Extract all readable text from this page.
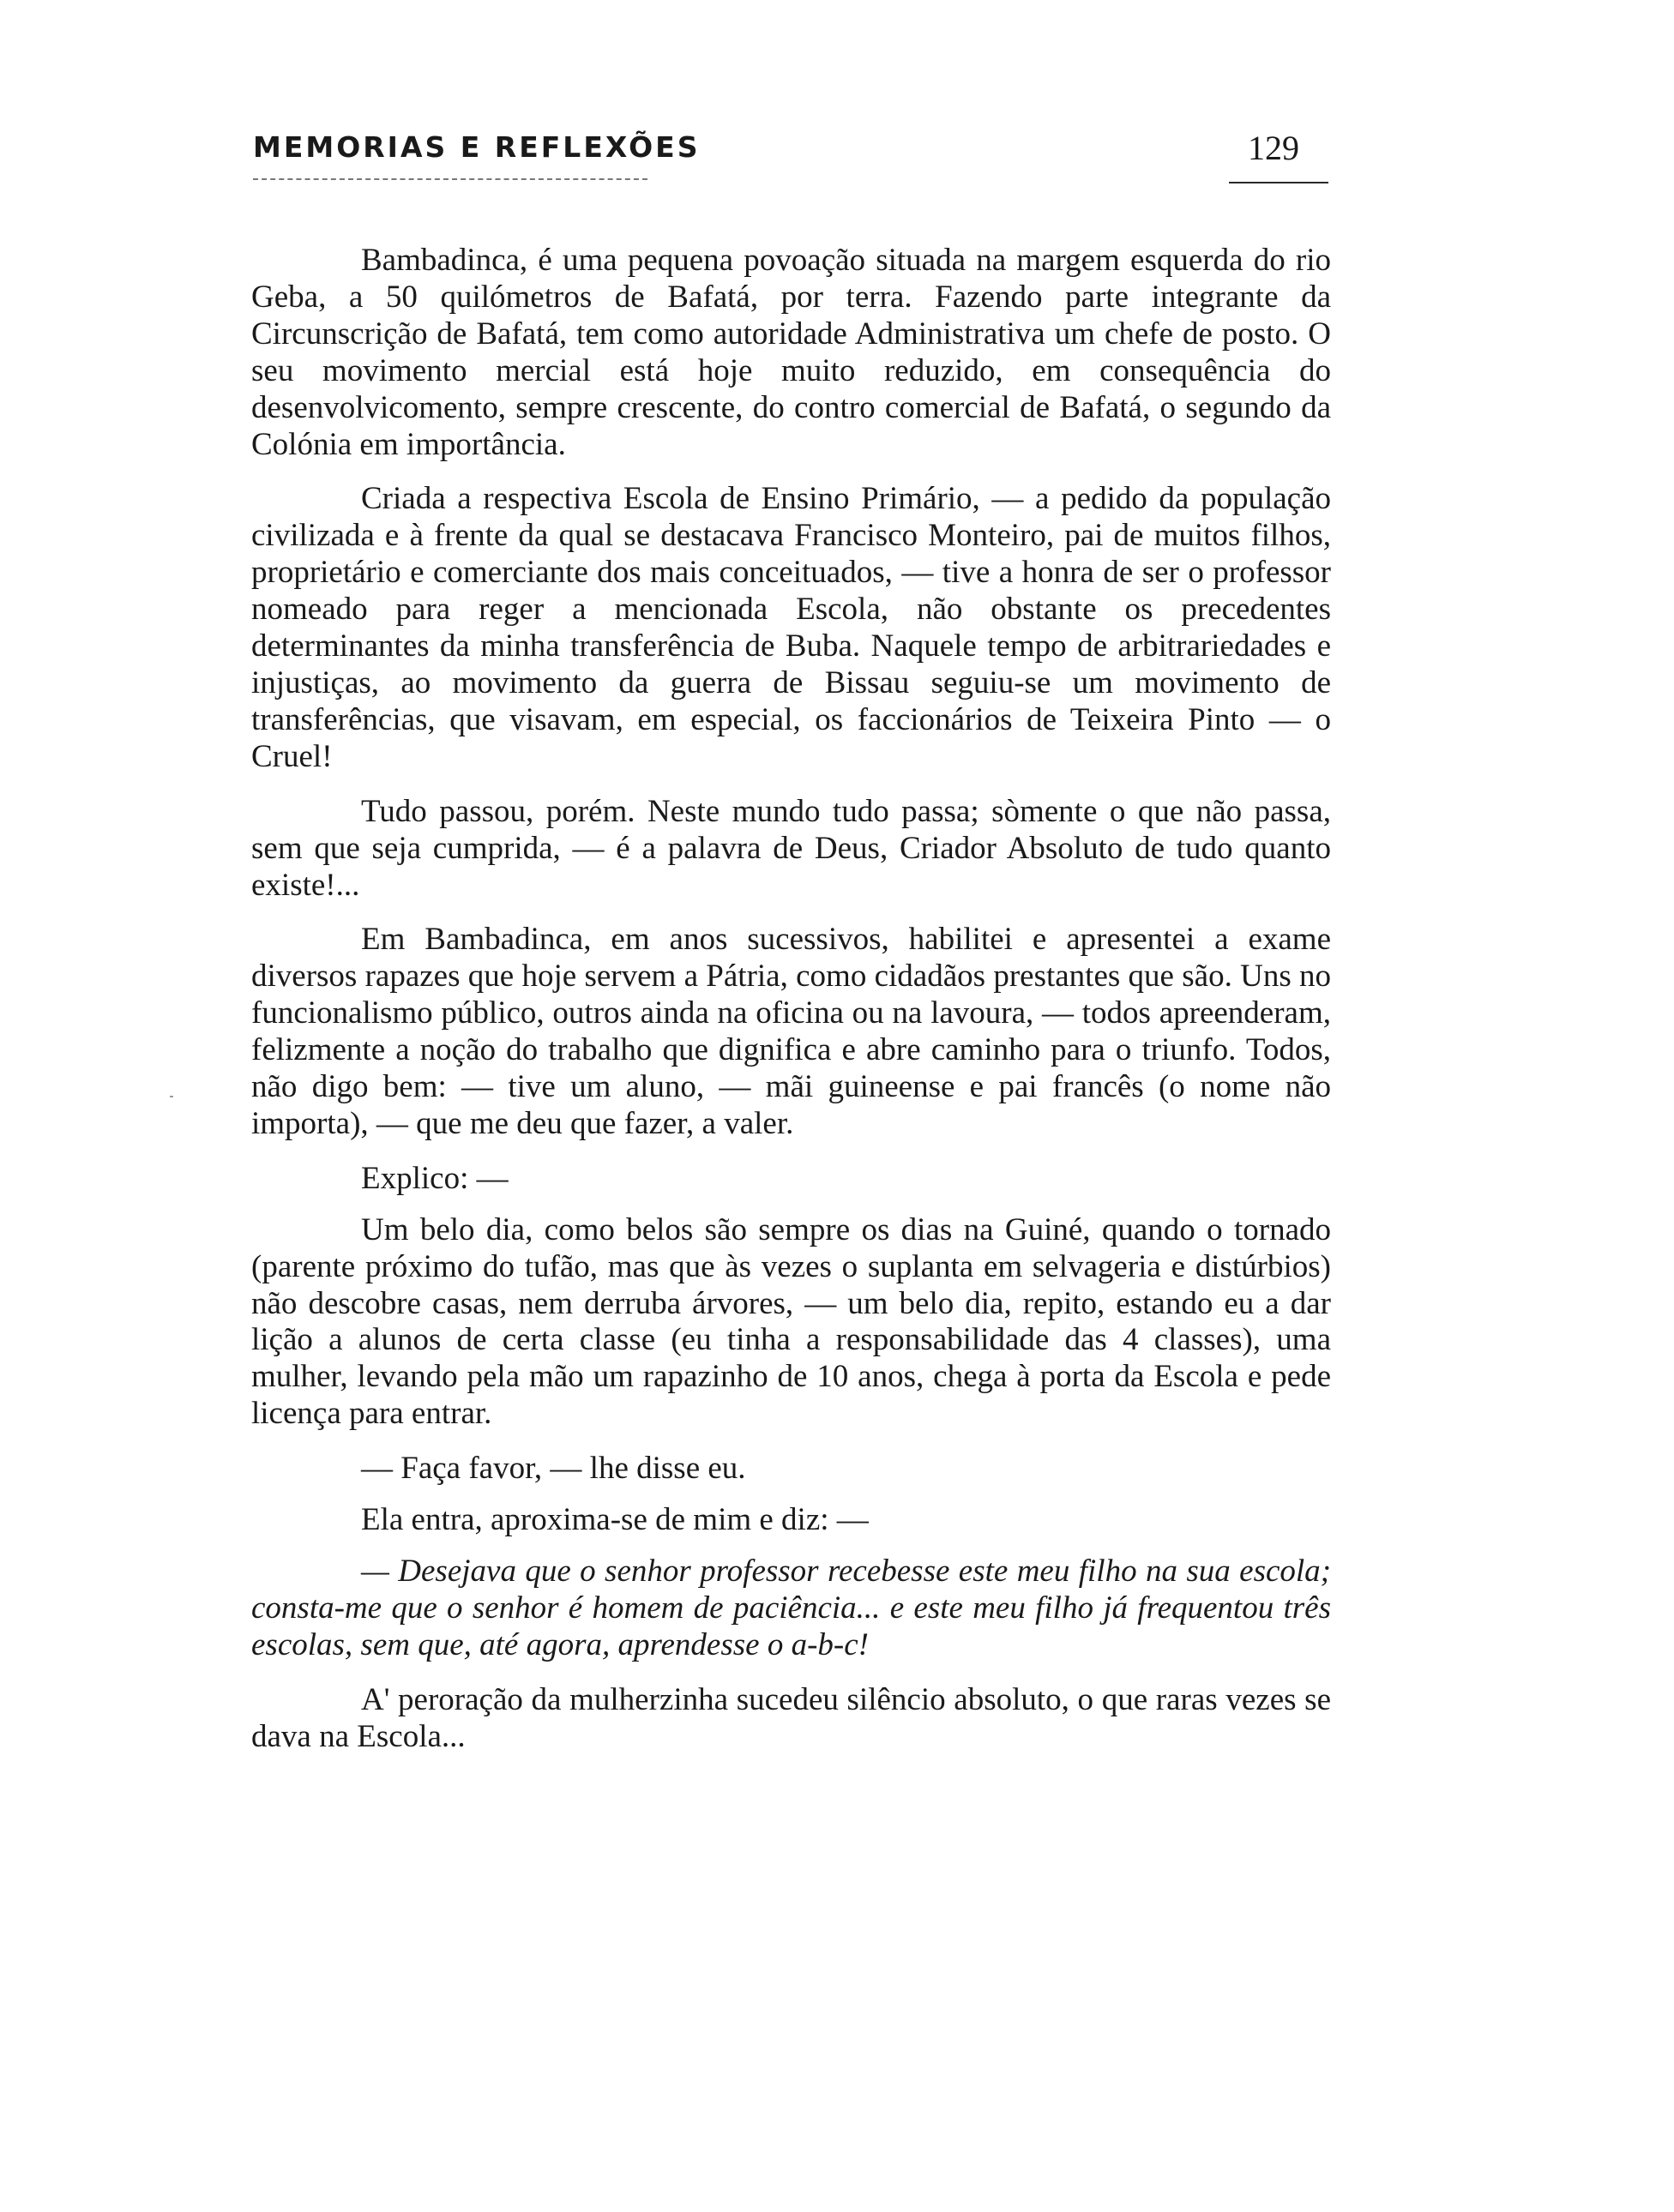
MEMORIAS E REFLEXÕES	129

Bambadinca, é uma pequena povoação situada na margem esquerda do rio Geba, a 50 quilómetros de Bafatá, por terra. Fazendo parte integrante da Circunscrição de Bafatá, tem como autoridade Administrativa um chefe de posto. O seu movimento mercial está hoje muito reduzido, em consequência do desenvolvicomento, sempre crescente, do contro comercial de Bafatá, o segundo da Colónia em importância.

Criada a respectiva Escola de Ensino Primário, — a pedido da população civilizada e à frente da qual se destacava Francisco Monteiro, pai de muitos filhos, proprietário e comerciante dos mais conceituados, — tive a honra de ser o professor nomeado para reger a mencionada Escola, não obstante os precedentes determinantes da minha transferência de Buba. Naquele tempo de arbitrariedades e injustiças, ao movimento da guerra de Bissau seguiu-se um movimento de transferências, que visavam, em especial, os faccionários de Teixeira Pinto — o Cruel!

Tudo passou, porém. Neste mundo tudo passa; sòmente o que não passa, sem que seja cumprida, — é a palavra de Deus, Criador Absoluto de tudo quanto existe!...

Em Bambadinca, em anos sucessivos, habilitei e apresentei a exame diversos rapazes que hoje servem a Pátria, como cidadãos prestantes que são. Uns no funcionalismo público, outros ainda na oficina ou na lavoura, — todos apreenderam, felizmente a noção do trabalho que dignifica e abre caminho para o triunfo. Todos, não digo bem: — tive um aluno, — mãi guineense e pai francês (o nome não importa), — que me deu que fazer, a valer.

Explico: —

Um belo dia, como belos são sempre os dias na Guiné, quando o tornado (parente próximo do tufão, mas que às vezes o suplanta em selvageria e distúrbios) não descobre casas, nem derruba árvores, — um belo dia, repito, estando eu a dar lição a alunos de certa classe (eu tinha a responsabilidade das 4 classes), uma mulher, levando pela mão um rapazinho de 10 anos, chega à porta da Escola e pede licença para entrar.

— Faça favor, — lhe disse eu.

Ela entra, aproxima-se de mim e diz: —

— Desejava que o senhor professor recebesse este meu filho na sua escola; consta-me que o senhor é homem de paciência... e este meu filho já frequentou três escolas, sem que, até agora, aprendesse o a-b-c!

A' peroração da mulherzinha sucedeu silêncio absoluto, o que raras vezes se dava na Escola...
